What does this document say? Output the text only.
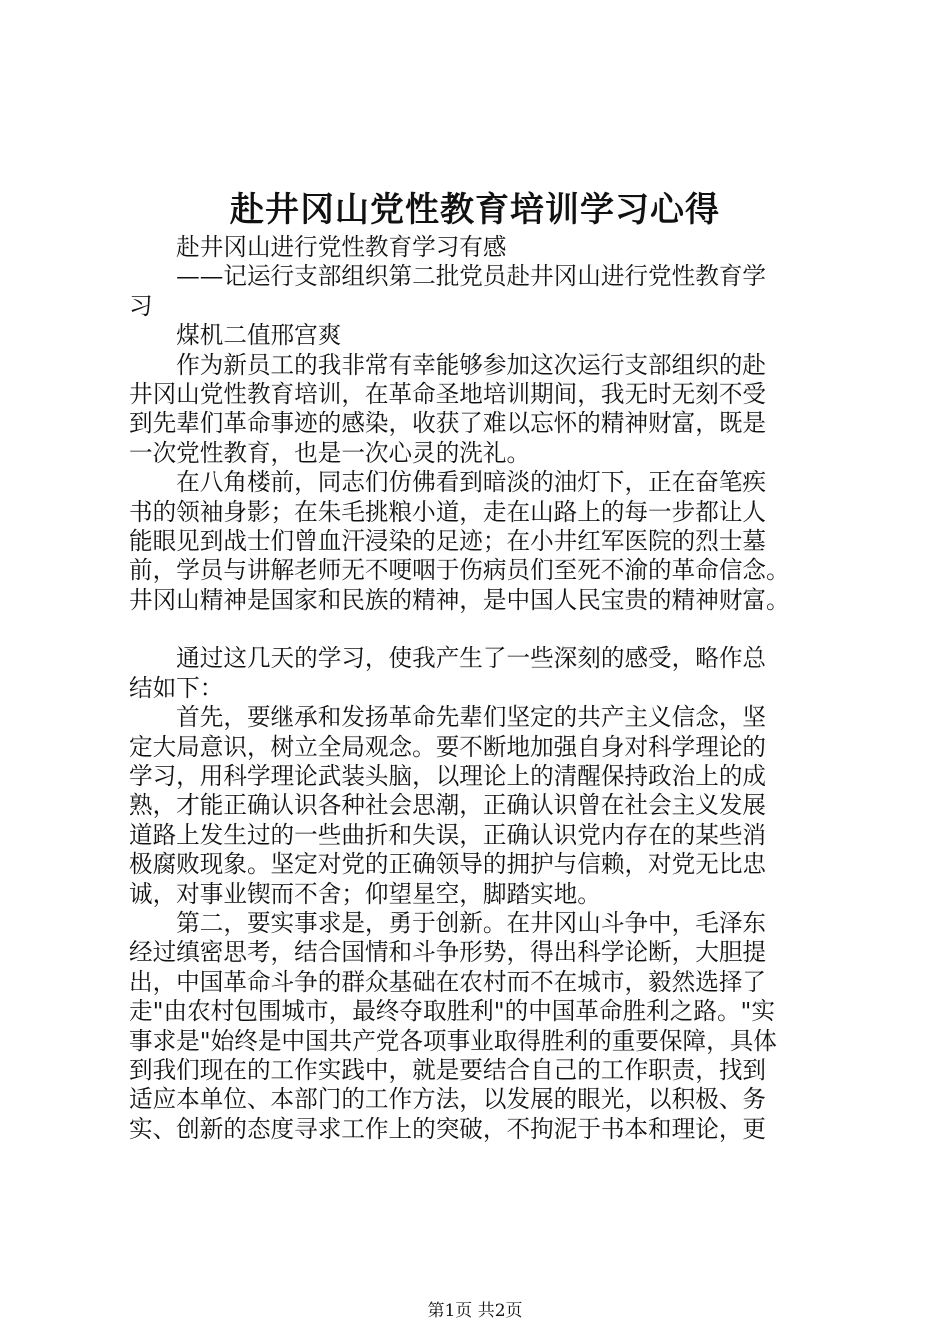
赴井冈山党性教育培训学习心得
　　赴井冈山进行党性教育学习有感
　　——记运行支部组织第二批党员赴井冈山进行党性教育学
习
　　煤机二值邢宫爽
　　作为新员工的我非常有幸能够参加这次运行支部组织的赴
井冈山党性教育培训，在革命圣地培训期间，我无时无刻不受
到先辈们革命事迹的感染，收获了难以忘怀的精神财富，既是
一次党性教育，也是一次心灵的洗礼。
　　在八角楼前，同志们仿佛看到暗淡的油灯下，正在奋笔疾
书的领袖身影；在朱毛挑粮小道，走在山路上的每一步都让人
能眼见到战士们曾血汗浸染的足迹；在小井红军医院的烈士墓
前，学员与讲解老师无不哽咽于伤病员们至死不渝的革命信念。
井冈山精神是国家和民族的精神，是中国人民宝贵的精神财富。
　　通过这几天的学习，使我产生了一些深刻的感受，略作总
结如下：
　　首先，要继承和发扬革命先辈们坚定的共产主义信念，坚
定大局意识，树立全局观念。要不断地加强自身对科学理论的
学习，用科学理论武装头脑，以理论上的清醒保持政治上的成
熟，才能正确认识各种社会思潮，正确认识曾在社会主义发展
道路上发生过的一些曲折和失误，正确认识党内存在的某些消
极腐败现象。坚定对党的正确领导的拥护与信赖，对党无比忠
诚，对事业锲而不舍；仰望星空，脚踏实地。
　　第二，要实事求是，勇于创新。在井冈山斗争中，毛泽东
经过缜密思考，结合国情和斗争形势，得出科学论断，大胆提
出，中国革命斗争的群众基础在农村而不在城市，毅然选择了
走"由农村包围城市，最终夺取胜利"的中国革命胜利之路。"实
事求是"始终是中国共产党各项事业取得胜利的重要保障，具体
到我们现在的工作实践中，就是要结合自己的工作职责，找到
适应本单位、本部门的工作方法，以发展的眼光，以积极、务
实、创新的态度寻求工作上的突破，不拘泥于书本和理论，更
第1页 共2页
